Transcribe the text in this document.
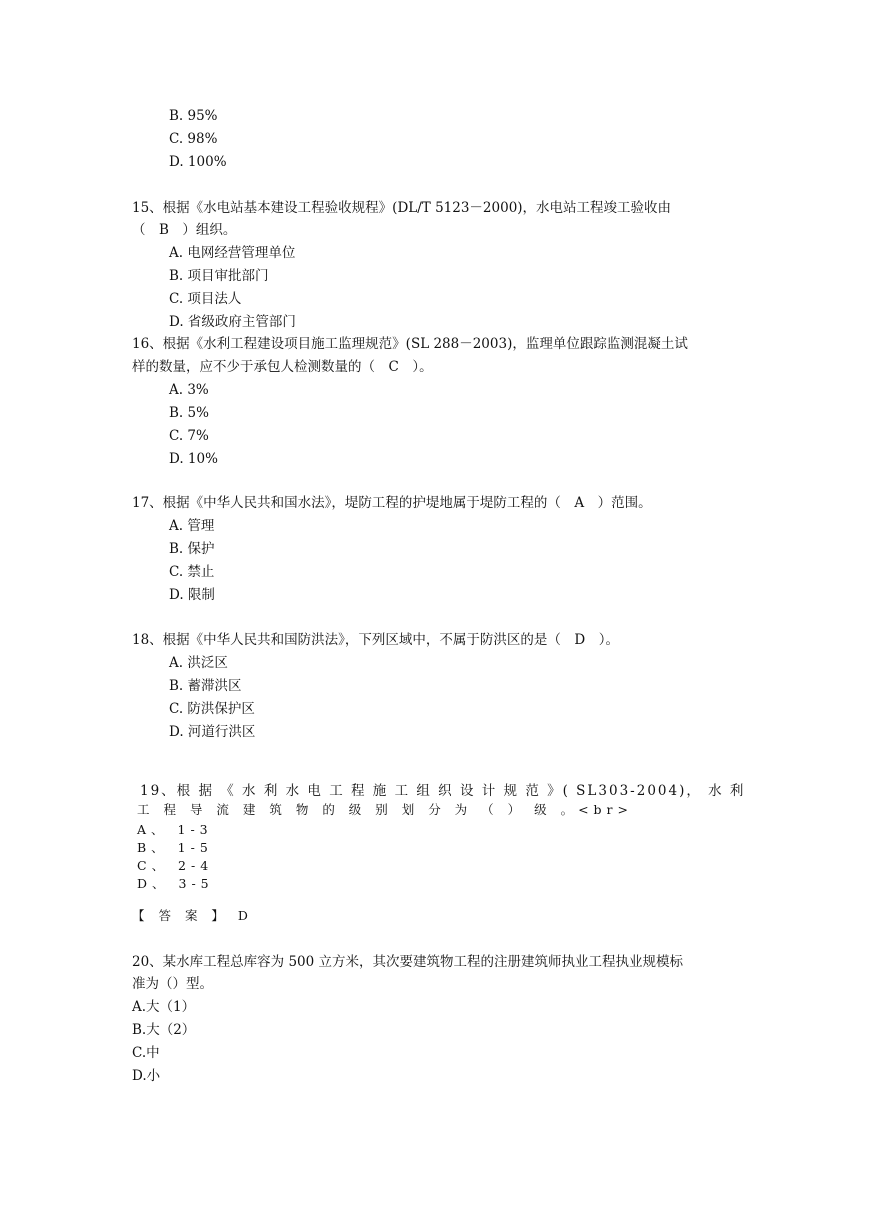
B. 95%
C. 98%
D. 100%
15、根据《水电站基本建设工程验收规程》(DL/T 5123－2000)，水电站工程竣工验收由
（　B　）组织。
A. 电网经营管理单位
B. 项目审批部门
C. 项目法人
D. 省级政府主管部门
16、根据《水利工程建设项目施工监理规范》(SL 288－2003)，监理单位跟踪监测混凝土试
样的数量，应不少于承包人检测数量的（　C　）。
A. 3%
B. 5%
C. 7%
D. 10%
17、根据《中华人民共和国水法》，堤防工程的护堤地属于堤防工程的（　A　）范围。
A. 管理
B. 保护
C. 禁止
D. 限制
18、根据《中华人民共和国防洪法》，下列区域中，不属于防洪区的是（　D　）。
A. 洪泛区
B. 蓄滞洪区
C. 防洪保护区
D. 河道行洪区
19、根 据 《 水 利 水 电 工 程 施 工 组 织 设 计 规 范 》( SL303-2004)， 水 利
工 程 导 流 建 筑 物 的 级 别 划 分 为 （ ） 级 。<br>
A、 1-3
B、 1-5
C、 2-4
D、 3-5
【 答 案 】 D
20、某水库工程总库容为 500 立方米，其次要建筑物工程的注册建筑师执业工程执业规模标
准为（）型。
A.大（1）
B.大（2）
C.中
D.小
